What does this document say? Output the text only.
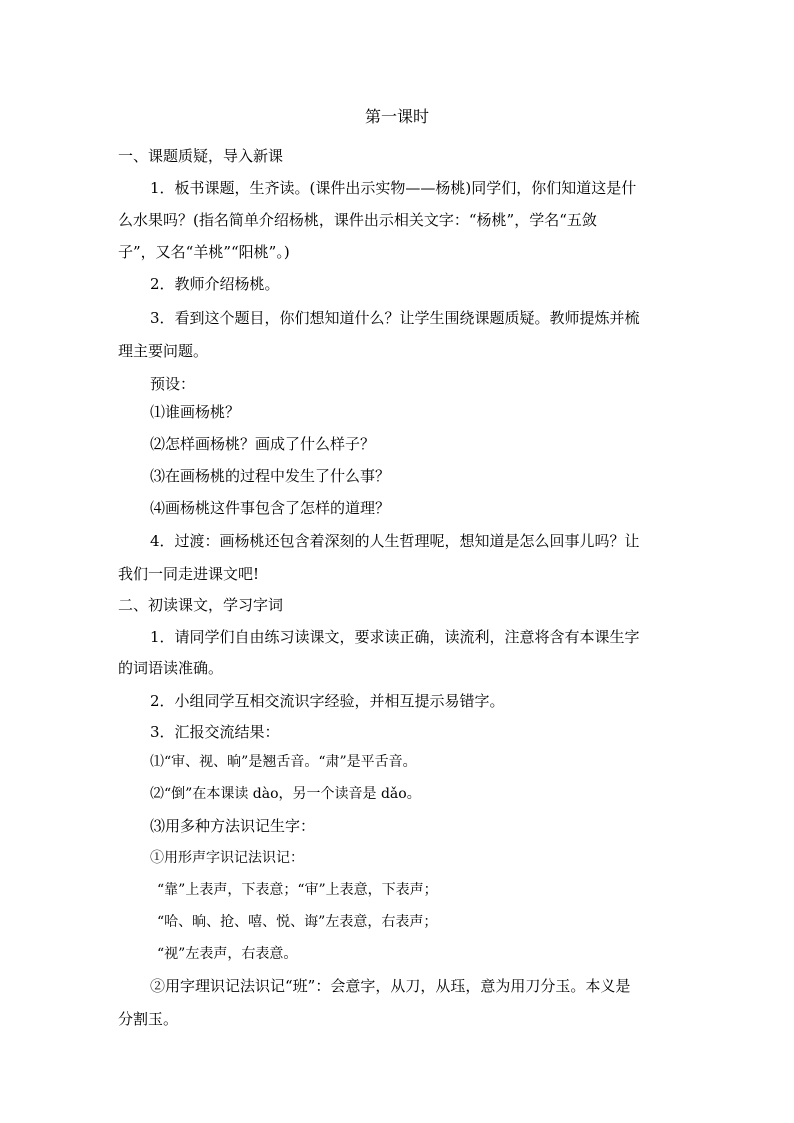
第一课时
一、课题质疑，导入新课
1．板书课题，生齐读。(课件出示实物——杨桃)同学们，你们知道这是什
么水果吗？(指名简单介绍杨桃，课件出示相关文字：“杨桃”，学名“五敛
子”，又名“羊桃”“阳桃”。)
2．教师介绍杨桃。
3．看到这个题目，你们想知道什么？让学生围绕课题质疑。教师提炼并梳
理主要问题。
预设：
⑴谁画杨桃？
⑵怎样画杨桃？画成了什么样子？
⑶在画杨桃的过程中发生了什么事？
⑷画杨桃这件事包含了怎样的道理？
4．过渡：画杨桃还包含着深刻的人生哲理呢，想知道是怎么回事儿吗？让
我们一同走进课文吧!
二、初读课文，学习字词
1．请同学们自由练习读课文，要求读正确，读流利，注意将含有本课生字
的词语读准确。
2．小组同学互相交流识字经验，并相互提示易错字。
3．汇报交流结果：
⑴“审、视、晌”是翘舌音。“肃”是平舌音。
⑵“倒”在本课读 dào，另一个读音是 dǎo。
⑶用多种方法识记生字：
①用形声字识记法识记：
“靠”上表声，下表意；“审”上表意，下表声；
“哈、晌、抢、嘻、悦、诲”左表意，右表声；
“视”左表声，右表意。
②用字理识记法识记“班”：会意字，从刀，从珏，意为用刀分玉。本义是
分割玉。
